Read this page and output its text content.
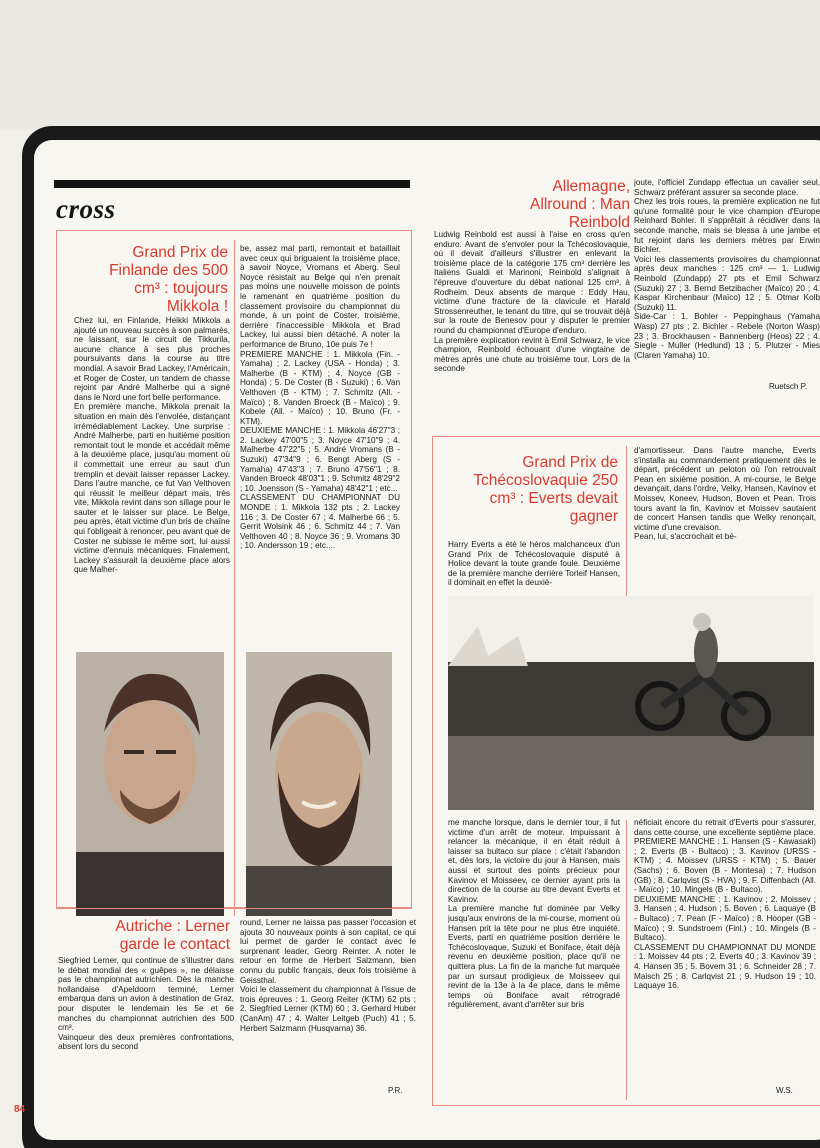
cross
Grand Prix de Finlande des 500 cm³ : toujours Mikkola !
Chez lui, en Finlande, Heikki Mikkola a ajouté un nouveau succès à son palmarès, ne laissant, sur le circuit de Tikkurila, aucune chance à ses plus proches poursuivants dans la course au titre mondial. A savoir Brad Lackey, l'Américain, et Roger de Coster, un tandem de chasse rejoint par André Malherbe qui a signé dans le Nord une fort belle performance.
En première manche, Mikkola prenait la situation en main dès l'envolée, distançant irrémédiablement Lackey. Une surprise : André Malherbe, parti en huitième position remontait tout le monde et accédait même à la deuxième place, jusqu'au moment où il commettait une erreur au saut d'un tremplin et devait laisser repasser Lackey. Dans l'autre manche, ce fut Van Velthoven qui réussit le meilleur départ mais, très vite, Mikkola revint dans son sillage pour le sauter et le laisser sur place. Le Belge, peu après, était victime d'un bris de chaîne qui l'obligeait à renoncer, peu avant que de Coster ne subisse le même sort, lui aussi victime d'ennuis mécaniques. Finalement, Lackey s'assurait la deuxième place alors que Malher-
be, assez mal parti, remontait et bataillait avec ceux qui briguaient la troisième place, à savoir Noyce, Vromans et Aberg. Seul Noyce résistait au Belge qui n'en prenait pas moins une nouvelle moisson de points le ramenant en quatrième position du classement provisoire du championnat du monde, à un point de Coster, troisième, derrière l'inaccessible Mikkola et Brad Lackey, lui aussi bien détaché. A noter la performance de Bruno, 10e puis 7e !
PREMIERE MANCHE : 1. Mikkola (Fin. - Yamaha) ; 2. Lackey (USA - Honda) ; 3. Malherbe (B - KTM) ; 4. Noyce (GB - Honda) ; 5. De Coster (B - Suzuki) ; 6. Van Velthoven (B - KTM) ; 7. Schmitz (All. - Maïco) ; 8. Vanden Broeck (B - Maïco) ; 9. Kobele (All. - Maïco) ; 10. Bruno (Fr. - KTM).
DEUXIEME MANCHE : 1. Mikkola 46'27"3 ; 2. Lackey 47'00"5 ; 3. Noyce 47'10"9 ; 4. Malherbe 47'22"5 ; 5. André Vromans (B - Suzuki) 47'34"9 ; 6. Bengt Aberg (S - Yamaha) 47'43"3 ; 7. Bruno 47'56"1 ; 8. Vanden Broeck 48'03"1 ; 9. Schmitz 48'29"2 ; 10. Joensson (S - Yamaha) 48'42"1 ; etc...
CLASSEMENT DU CHAMPIONNAT DU MONDE : 1. Mikkola 132 pts ; 2. Lackey 116 ; 3. De Coster 67 ; 4. Malherbe 66 ; 5. Gerrit Wolsink 46 ; 6. Schmitz 44 ; 7. Van Velthoven 40 ; 8. Noyce 36 ; 9. Vromans 30 ; 10. Andersson 19 ; etc....
Allemagne, Allround : Man Reinbold
Ludwig Reinbold est aussi à l'aise en cross qu'en enduro. Avant de s'envoler pour la Tchécoslovaquie, où il devait d'ailleurs s'illustrer en enlevant la troisième place de la catégorie 175 cm³ derrière les Italiens Gualdi et Marinoni, Reinbold s'alignait à l'épreuve d'ouverture du débat national 125 cm³, à Rodheim. Deux absents de marque : Eddy Hau, victime d'une fracture de la clavicule et Harald Strossenreuther, le tenant du titre, qui se trouvait déjà sur la route de Benesov pour y disputer le premier round du championnat d'Europe d'enduro.
La première explication revint à Emil Schwarz, le vice champion, Reinbold échouant d'une vingtaine de mètres après une chute au troisième tour. Lors de la seconde
joute, l'officiel Zundapp effectua un cavalier seul, Schwarz préférant assurer sa seconde place.
Chez les trois roues, la première explication ne fut qu'une formalité pour le vice champion d'Europe Reinhard Bohler. Il s'apprêtait à récidiver dans la seconde manche, mais se blessa à une jambe et fut rejoint dans les derniers mètres par Erwin Bichler.
Voici les classements provisoires du championnat après deux manches : 125 cm³ — 1. Ludwig Reinbold (Zundapp) 27 pts et Emil Schwarz (Suzuki) 27 ; 3. Bernd Betzibacher (Maïco) 20 ; 4. Kaspar Kirchenbaur (Maïco) 12 ; 5. Otmar Kolb (Suzuki) 11.
Side-Car : 1. Bohler - Peppinghaus (Yamaha Wasp) 27 pts ; 2. Bichler - Rebele (Norton Wasp) 23 ; 3. Brockhausen - Bannenberg (Heos) 22 ; 4. Siegle - Muller (Hedlund) 13 ; 5. Plutzer - Mies (Claren Yamaha) 10.
Ruetsch P.
Grand Prix de Tchécoslovaquie 250 cm³ : Everts devait gagner
Harry Everts a été le héros malchanceux d'un Grand Prix de Tchécoslovaquie disputé à Holice devant la toute grande foule. Deuxième de la première manche derrière Torleif Hansen, il dominait en effet la deuxiè-
d'amortisseur. Dans l'autre manche, Everts s'installa au commandement pratiquement dès le départ, précédent un peloton où l'on retrouvait Pean en sixième position. A mi-course, le Belge devançait, dans l'ordre, Velky, Hansen, Kavinov et Moissev, Koneev, Hudson, Boven et Pean. Trois tours avant la fin, Kavinov et Moissev sautaient de concert Hansen tandis que Welky renonçait, victime d'une crevaison.
Pean, lui, s'accrochait et bé-
me manche lorsque, dans le dernier tour, il fut victime d'un arrêt de moteur. Impuissant à relancer la mécanique, il en était réduit à laisser sa bultaco sur place : c'était l'abandon et, dès lors, la victoire du jour à Hansen, mais aussi et surtout des points précieux pour Kavinov et Moisseev, ce dernier ayant pris la direction de la course au titre devant Everts et Kavinov.
La première manche fut dominée par Velky jusqu'aux environs de la mi-course, moment où Hansen prit la tête pour ne plus être inquiété. Everts, parti en quatrième position derrière le Tchécoslovaque, Suzuki et Boniface, était déjà revenu en deuxième position, place qu'il ne quittera plus. La fin de la manche fut marquée par un sursaut prodigieux de Moisseev qui revint de la 13e à la 4e place, dans le même temps où Boniface avait rétrogradé régulièrement, avant d'arrêter sur bris
néficiait encore du retrait d'Everts pour s'assurer, dans cette course, une excellente septième place.
PREMIERE MANCHE : 1. Hansen (S - Kawasaki) ; 2. Everts (B - Bultaco) ; 3. Kavinov (URSS - KTM) ; 4. Moissev (URSS - KTM) ; 5. Bauer (Sachs) ; 6. Boven (B - Montesa) ; 7. Hudson (GB) ; 8. Carlqvist (S - HVA) ; 9. F. Diffenbach (All. - Maïco) ; 10. Mingels (B - Bultaco).
DEUXIEME MANCHE : 1. Kavinov ; 2. Moissev ; 3. Hansen ; 4. Hudson ; 5. Boven ; 6. Laquaye (B - Bultaco) ; 7. Pean (F - Maïco) ; 8. Hooper (GB - Maïco) ; 9. Sundstroem (Finl.) ; 10. Mingels (B - Bultaco).
CLASSEMENT DU CHAMPIONNAT DU MONDE : 1. Moissev 44 pts ; 2. Everts 40 ; 3. Kavinov 39 ; 4. Hansen 35 ; 5. Bovem 31 ; 6. Schneider 28 ; 7. Maisch 25 ; 8. Carlqvist 21 ; 9. Hudson 19 ; 10. Laquaye 16.
W.S.
Autriche : Lerner garde le contact
Siegfried Lerner, qui continue de s'illustrer dans le débat mondial des « guêpes », ne délaisse pas le championnat autrichien. Dès la manche hollandaise d'Apeldoorn terminé, Lerner embarqua dans un avion à destination de Graz, pour disputer le lendemain les 5e et 6e manches du championnat autrichien des 500 cm³.
Vainqueur des deux premières confrontations, absent lors du second
round, Lerner ne laissa pas passer l'occasion et ajouta 30 nouveaux points à son capital, ce qui lui permet de garder le contact avec le surprenant leader, Georg Reinter. A noter le retour en forme de Herbert Salzmann, bien connu du public français, deux fois troisième à Geissthal.
Voici le classement du championnat à l'issue de trois épreuves : 1. Georg Reiter (KTM) 62 pts ; 2. Siegfried Lerner (KTM) 60 ; 3. Gerhard Huber (CanAm) 47 ; 4. Walter Leitgeb (Puch) 41 ; 5. Herbert Salzmann (Husqvarna) 36.
P.R.
84
